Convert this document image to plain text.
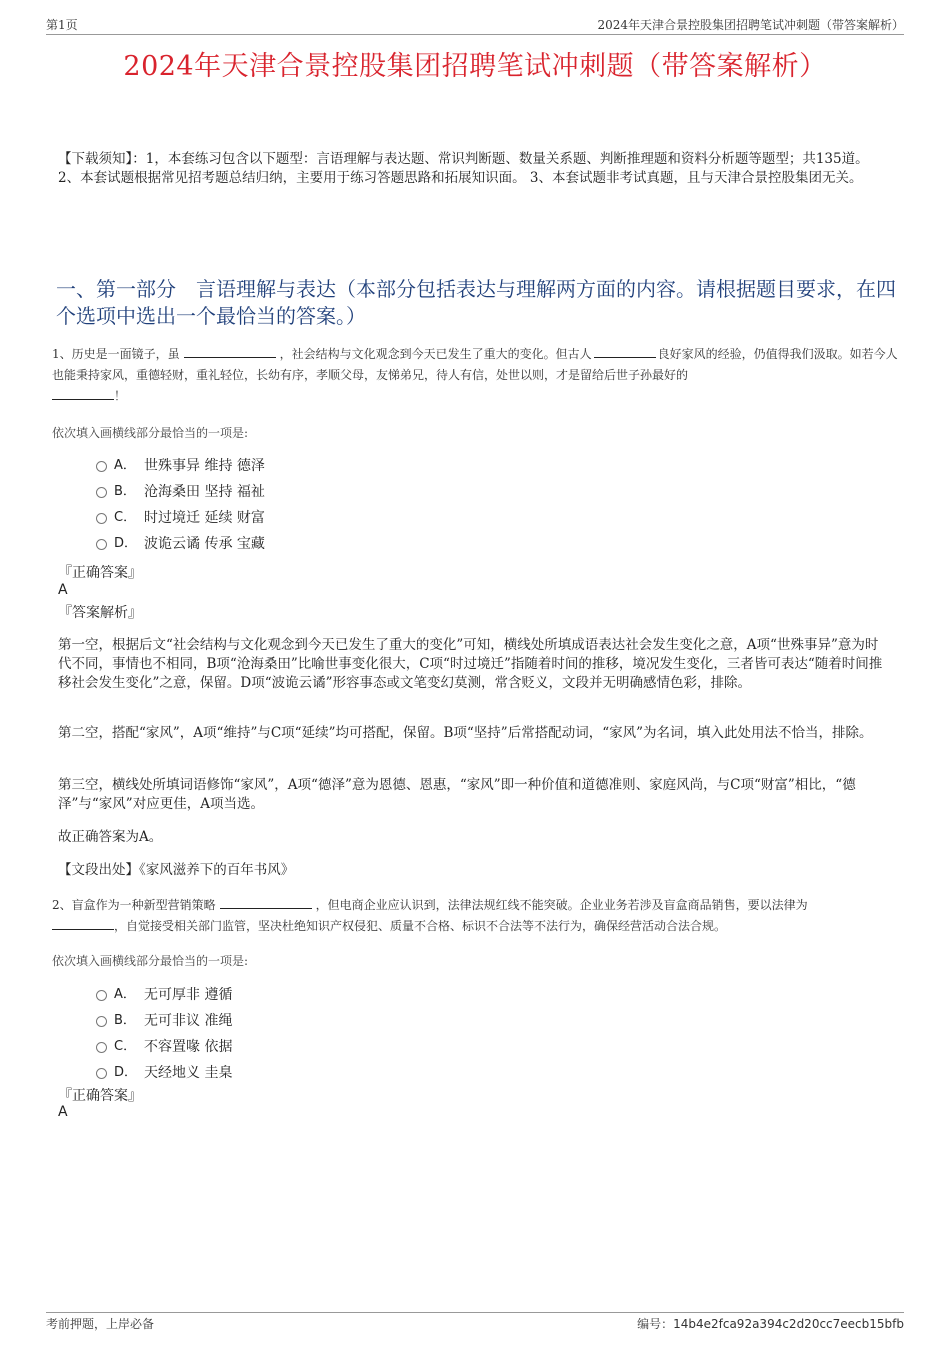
第1页	2024年天津合景控股集团招聘笔试冲刺题（带答案解析）
2024年天津合景控股集团招聘笔试冲刺题（带答案解析）
【下载须知】：1，本套练习包含以下题型：言语理解与表达题、常识判断题、数量关系题、判断推理题和资料分析题等题型；共135道。 2、本套试题根据常见招考题总结归纳，主要用于练习答题思路和拓展知识面。 3、本套试题非考试真题，且与天津合景控股集团无关。
一、第一部分　言语理解与表达（本部分包括表达与理解两方面的内容。请根据题目要求，在四个选项中选出一个最恰当的答案。）
1、历史是一面镜子，虽	，社会结构与文化观念到今天已发生了重大的变化。但古人	良好家风的经验，仍值得我们汲取。如若今人也能秉持家风，重德轻财，重礼轻位，长幼有序，孝顺父母，友悌弟兄，待人有信，处世以则，才是留给后世子孙最好的
！
依次填入画横线部分最恰当的一项是:
A． 世殊事异 维持 德泽
B． 沧海桑田 坚持 福祉
C． 时过境迁 延续 财富
D． 波诡云谲 传承 宝藏
『正确答案』
A
『答案解析』
第一空，根据后文“社会结构与文化观念到今天已发生了重大的变化”可知，横线处所填成语表达社会发生变化之意，A项“世殊事异”意为时代不同，事情也不相同，B项“沧海桑田”比喻世事变化很大，C项“时过境迁”指随着时间的推移，境况发生变化，三者皆可表达“随着时间推移社会发生变化”之意，保留。D项“波诡云谲”形容事态或文笔变幻莫测，常含贬义，文段并无明确感情色彩，排除。
第二空，搭配“家风”，A项“维持”与C项“延续”均可搭配，保留。B项“坚持”后常搭配动词，“家风”为名词，填入此处用法不恰当，排除。
第三空，横线处所填词语修饰“家风”，A项“德泽”意为恩德、恩惠，“家风”即一种价值和道德准则、家庭风尚，与C项“财富”相比，“德泽”与“家风”对应更佳，A项当选。
故正确答案为A。
【文段出处】《家风滋养下的百年书风》
2、盲盒作为一种新型营销策略	，但电商企业应认识到，法律法规红线不能突破。企业业务若涉及盲盒商品销售，要以法律为
，自觉接受相关部门监管，坚决杜绝知识产权侵犯、质量不合格、标识不合法等不法行为，确保经营活动合法合规。
依次填入画横线部分最恰当的一项是:
A． 无可厚非 遵循
B． 无可非议 准绳
C． 不容置喙 依据
D． 天经地义 圭臬
『正确答案』
A
考前押题，上岸必备	编号：14b4e2fca92a394c2d20cc7eecb15bfb
